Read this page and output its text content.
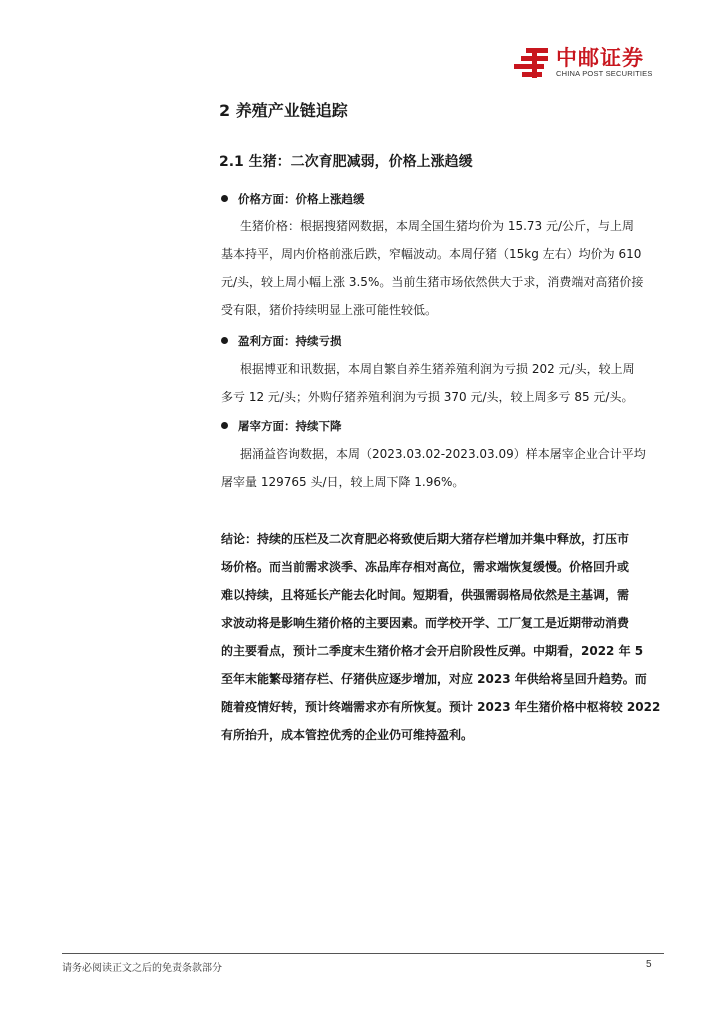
中邮证券
CHINA POST SECURITIES
2 养殖产业链追踪
2.1 生猪：二次育肥减弱，价格上涨趋缓
价格方面：价格上涨趋缓
生猪价格：根据搜猪网数据，本周全国生猪均价为 15.73 元/公斤，与上周
基本持平，周内价格前涨后跌，窄幅波动。本周仔猪（15kg 左右）均价为 610
元/头，较上周小幅上涨 3.5%。当前生猪市场依然供大于求，消费端对高猪价接
受有限，猪价持续明显上涨可能性较低。
盈利方面：持续亏损
根据博亚和讯数据，本周自繁自养生猪养殖利润为亏损 202 元/头，较上周
多亏 12 元/头；外购仔猪养殖利润为亏损 370 元/头，较上周多亏 85 元/头。
屠宰方面：持续下降
据涌益咨询数据，本周（2023.03.02-2023.03.09）样本屠宰企业合计平均
屠宰量 129765 头/日，较上周下降 1.96%。
结论：持续的压栏及二次育肥必将致使后期大猪存栏增加并集中释放，打压市
场价格。而当前需求淡季、冻品库存相对高位，需求端恢复缓慢。价格回升或
难以持续，且将延长产能去化时间。短期看，供强需弱格局依然是主基调，需
求波动将是影响生猪价格的主要因素。而学校开学、工厂复工是近期带动消费
的主要看点，预计二季度末生猪价格才会开启阶段性反弹。中期看，2022 年 5
至年末能繁母猪存栏、仔猪供应逐步增加，对应 2023 年供给将呈回升趋势。而
随着疫情好转，预计终端需求亦有所恢复。预计 2023 年生猪价格中枢将较 2022
有所抬升，成本管控优秀的企业仍可维持盈利。
请务必阅读正文之后的免责条款部分	5
